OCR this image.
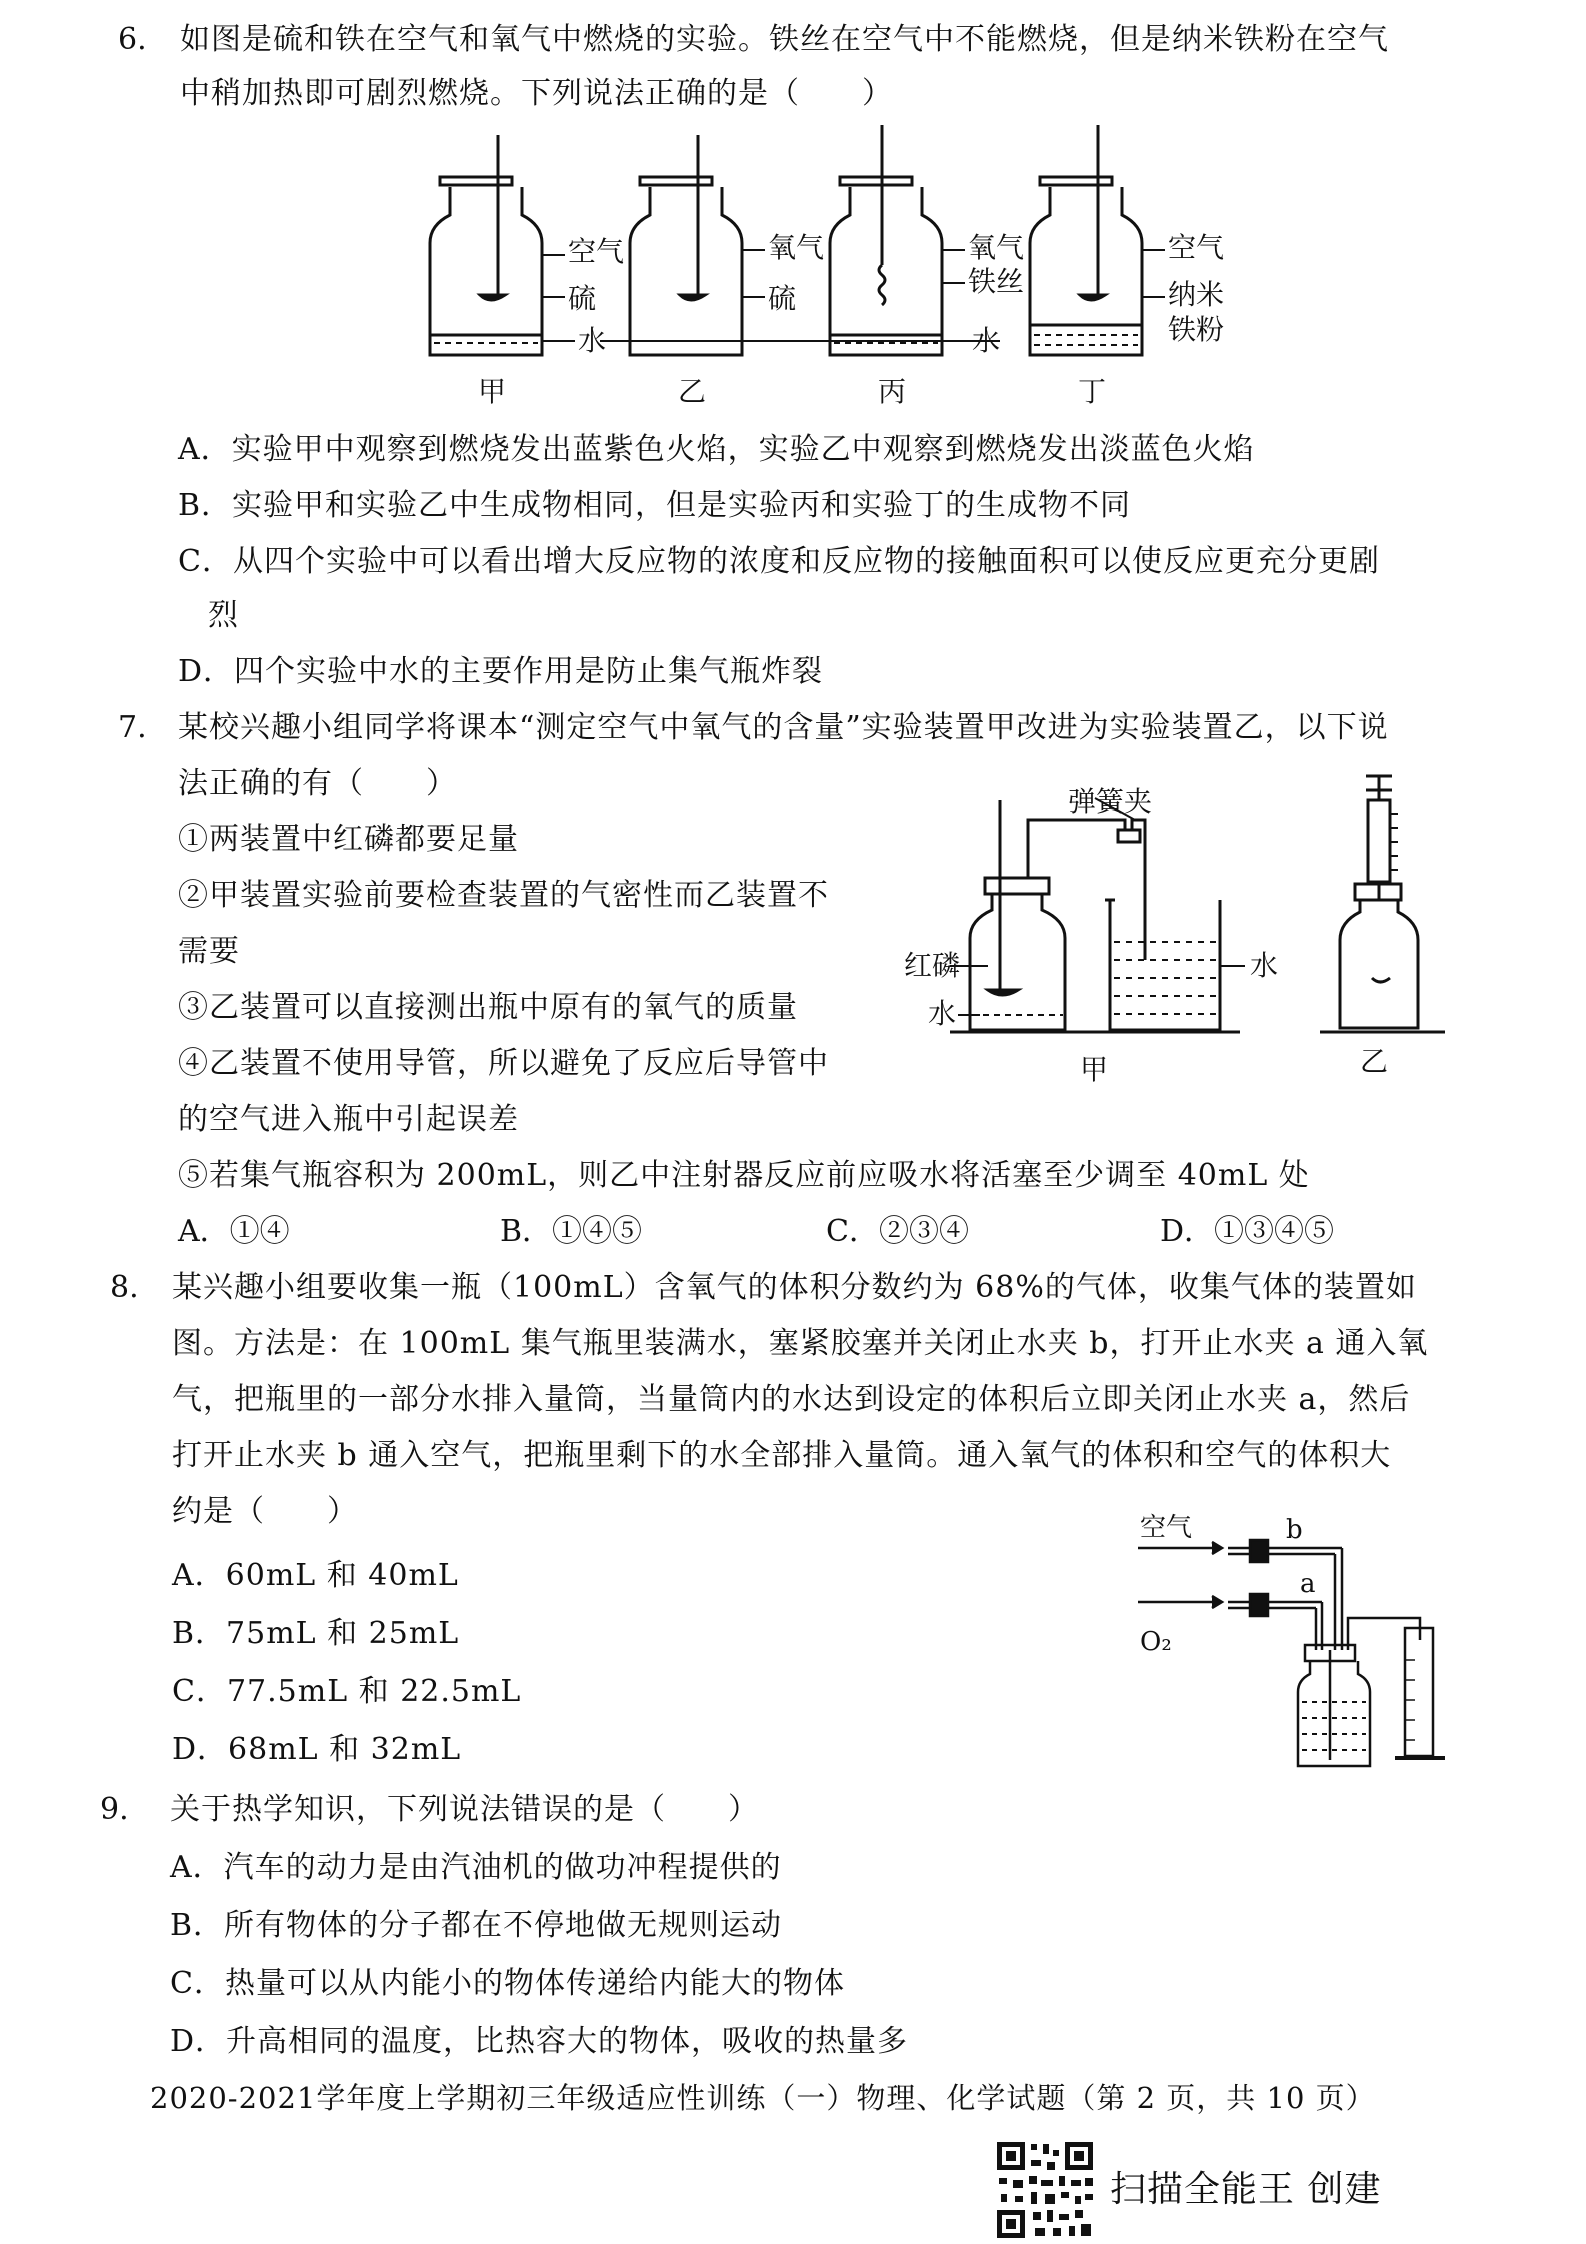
6. 如图是硫和铁在空气和氧气中燃烧的实验。铁丝在空气中不能燃烧，但是纳米铁粉在空气
中稍加热即可剧烈燃烧。下列说法正确的是（　　）
空气
硫
水
氧气
硫
氧气
铁丝
水
空气
纳米
铁粉
甲	乙	丙	丁
A．实验甲中观察到燃烧发出蓝紫色火焰，实验乙中观察到燃烧发出淡蓝色火焰
B．实验甲和实验乙中生成物相同，但是实验丙和实验丁的生成物不同
C．从四个实验中可以看出增大反应物的浓度和反应物的接触面积可以使反应更充分更剧
烈
D．四个实验中水的主要作用是防止集气瓶炸裂
7. 某校兴趣小组同学将课本“测定空气中氧气的含量”实验装置甲改进为实验装置乙，以下说
法正确的有（　　）
①两装置中红磷都要足量
②甲装置实验前要检查装置的气密性而乙装置不
需要
③乙装置可以直接测出瓶中原有的氧气的质量
④乙装置不使用导管，所以避免了反应后导管中
的空气进入瓶中引起误差
⑤若集气瓶容积为 200mL，则乙中注射器反应前应吸水将活塞至少调至 40mL 处
A．①④	B．①④⑤	C．②③④	D．①③④⑤
弹簧夹
红磷
水
水
甲	乙
8. 某兴趣小组要收集一瓶（100mL）含氧气的体积分数约为 68%的气体，收集气体的装置如
图。方法是：在 100mL 集气瓶里装满水，塞紧胶塞并关闭止水夹 b，打开止水夹 a 通入氧
气，把瓶里的一部分水排入量筒，当量筒内的水达到设定的体积后立即关闭止水夹 a，然后
打开止水夹 b 通入空气，把瓶里剩下的水全部排入量筒。通入氧气的体积和空气的体积大
约是（　　）
A．60mL 和 40mL
B．75mL 和 25mL
C．77.5mL 和 22.5mL
D．68mL 和 32mL
空气
O₂
b
a
9. 关于热学知识，下列说法错误的是（　　）
A．汽车的动力是由汽油机的做功冲程提供的
B．所有物体的分子都在不停地做无规则运动
C．热量可以从内能小的物体传递给内能大的物体
D．升高相同的温度，比热容大的物体，吸收的热量多
2020-2021学年度上学期初三年级适应性训练（一）物理、化学试题（第 2 页，共 10 页）
扫描全能王 创建
